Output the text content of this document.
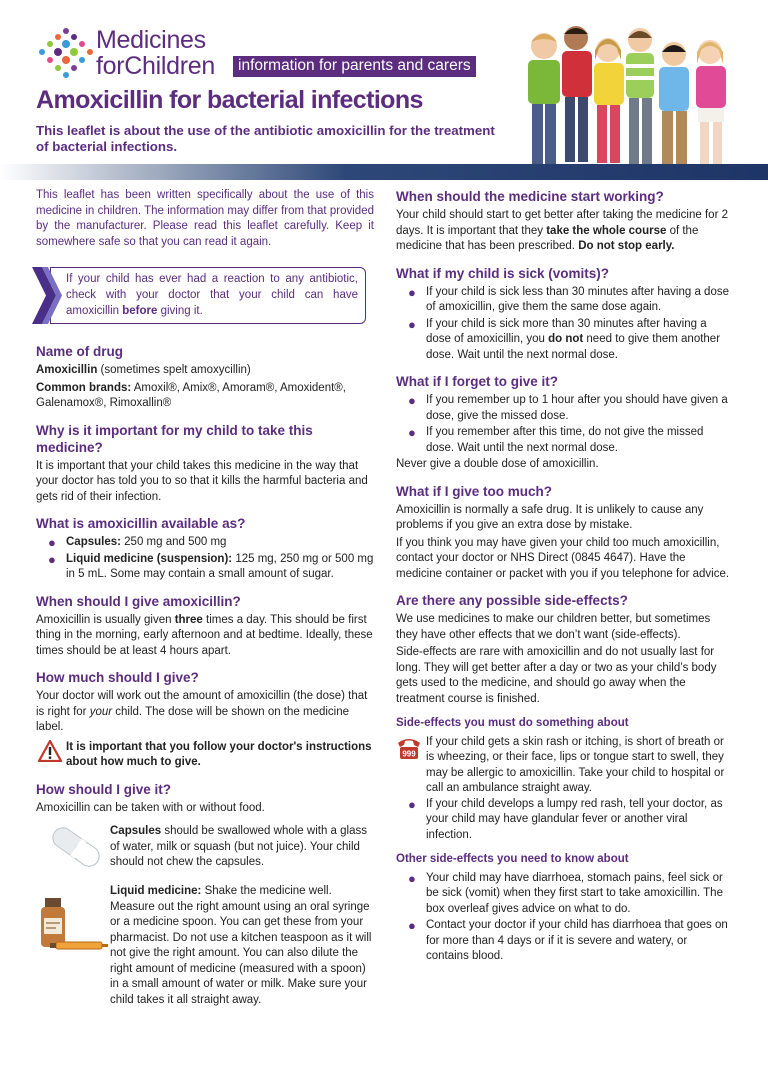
Medicines
forChildren	information for parents and carers
Amoxicillin for bacterial infections
This leaflet is about the use of the antibiotic amoxicillin for the treatment of bacterial infections.

This leaflet has been written specifically about the use of this medicine in children. The information may differ from that provided by the manufacturer. Please read this leaflet carefully. Keep it somewhere safe so that you can read it again.

If your child has ever had a reaction to any antibiotic, check with your doctor that your child can have amoxicillin before giving it.
Name of drug

Amoxicillin (sometimes spelt amoxycillin)

Common brands: Amoxil®, Amix®, Amoram®, Amoxident®, Galenamox®, Rimoxallin®

Why is it important for my child to take this medicine?

It is important that your child takes this medicine in the way that your doctor has told you to so that it kills the harmful bacteria and gets rid of their infection.

What is amoxicillin available as?
● Capsules: 250 mg and 500 mg
● Liquid medicine (suspension): 125 mg, 250 mg or 500 mg in 5 mL. Some may contain a small amount of sugar.
When should I give amoxicillin?

Amoxicillin is usually given three times a day. This should be first thing in the morning, early afternoon and at bedtime. Ideally, these times should be at least 4 hours apart.

How much should I give?

Your doctor will work out the amount of amoxicillin (the dose) that is right for your child. The dose will be shown on the medicine label.

It is important that you follow your doctor's instructions about how much to give.
How should I give it?

Amoxicillin can be taken with or without food.

Capsules should be swallowed whole with a glass of water, milk or squash (but not juice). Your child should not chew the capsules.
Liquid medicine: Shake the medicine well. Measure out the right amount using an oral syringe or a medicine spoon. You can get these from your pharmacist. Do not use a kitchen teaspoon as it will not give the right amount. You can also dilute the right amount of medicine (measured with a spoon) in a small amount of water or milk. Make sure your child takes it all straight away.
When should the medicine start working?

Your child should start to get better after taking the medicine for 2 days. It is important that they take the whole course of the medicine that has been prescribed. Do not stop early.

What if my child is sick (vomits)?
● If your child is sick less than 30 minutes after having a dose of amoxicillin, give them the same dose again.
● If your child is sick more than 30 minutes after having a dose of amoxicillin, you do not need to give them another dose. Wait until the next normal dose.
What if I forget to give it?
● If you remember up to 1 hour after you should have given a dose, give the missed dose.
● If you remember after this time, do not give the missed dose. Wait until the next normal dose.

Never give a double dose of amoxicillin.

What if I give too much?

Amoxicillin is normally a safe drug. It is unlikely to cause any problems if you give an extra dose by mistake.

If you think you may have given your child too much amoxicillin, contact your doctor or NHS Direct (0845 4647). Have the medicine container or packet with you if you telephone for advice.

Are there any possible side-effects?

We use medicines to make our children better, but sometimes they have other effects that we don’t want (side-effects).

Side-effects are rare with amoxicillin and do not usually last for long. They will get better after a day or two as your child’s body gets used to the medicine, and should go away when the treatment course is finished.

Side-effects you must do something about
999
If your child gets a skin rash or itching, is short of breath or is wheezing, or their face, lips or tongue start to swell, they may be allergic to amoxicillin. Take your child to hospital or call an ambulance straight away.
● If your child develops a lumpy red rash, tell your doctor, as your child may have glandular fever or another viral infection.
Other side-effects you need to know about
● Your child may have diarrhoea, stomach pains, feel sick or be sick (vomit) when they first start to take amoxicillin. The box overleaf gives advice on what to do.
● Contact your doctor if your child has diarrhoea that goes on for more than 4 days or if it is severe and watery, or contains blood.
